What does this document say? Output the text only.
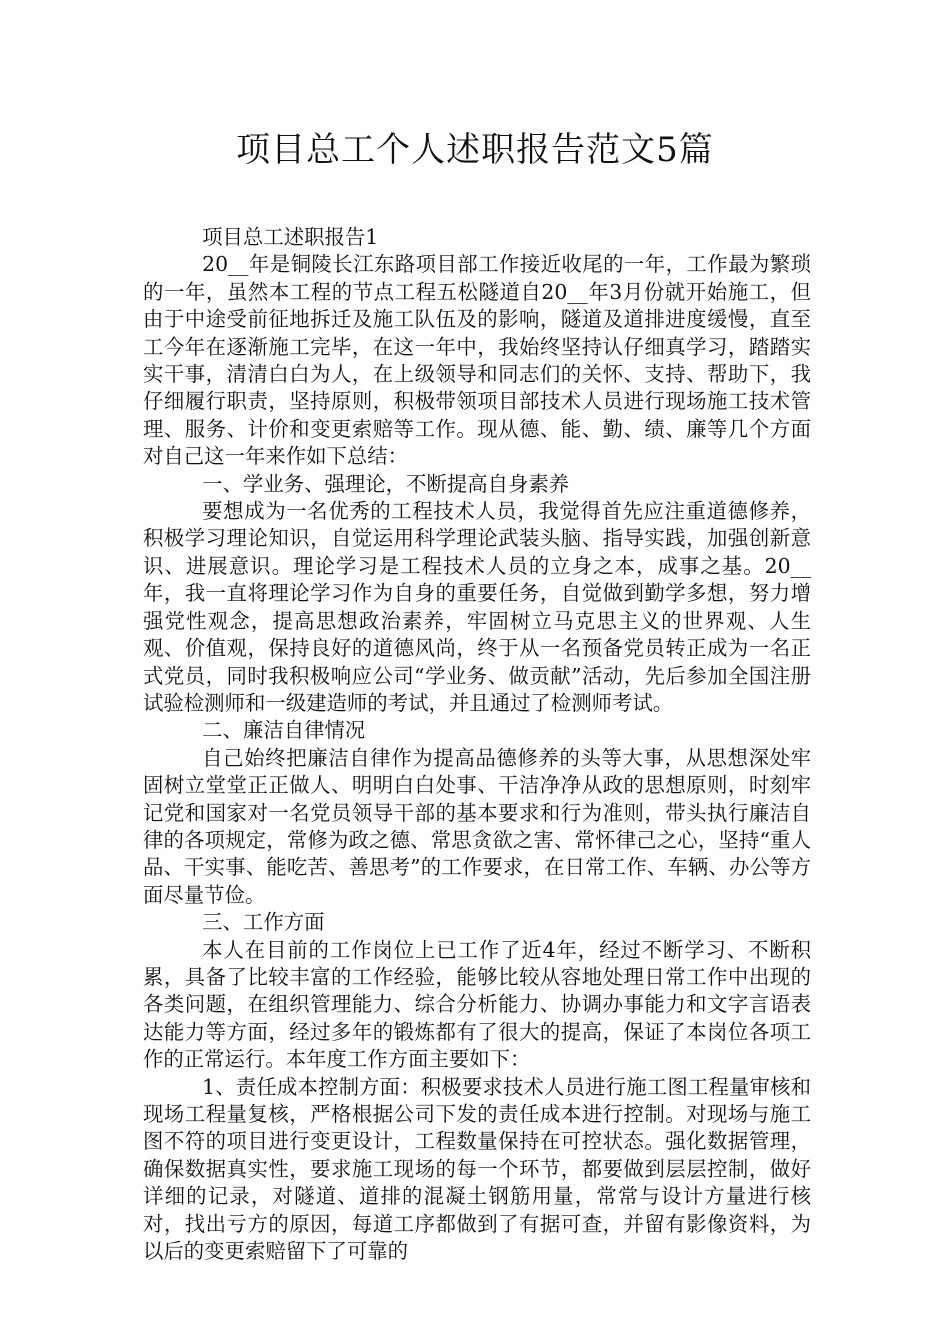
项目总工个人述职报告范文5篇

项目总工述职报告1

20__年是铜陵长江东路项目部工作接近收尾的一年，工作最为繁琐的一年，虽然本工程的节点工程五松隧道自20__年3月份就开始施工，但由于中途受前征地拆迁及施工队伍及的影响，隧道及道排进度缓慢，直至工今年在逐渐施工完毕，在这一年中，我始终坚持认仔细真学习，踏踏实实干事，清清白白为人，在上级领导和同志们的关怀、支持、帮助下，我仔细履行职责，坚持原则，积极带领项目部技术人员进行现场施工技术管理、服务、计价和变更索赔等工作。现从德、能、勤、绩、廉等几个方面对自己这一年来作如下总结：

一、学业务、强理论，不断提高自身素养

要想成为一名优秀的工程技术人员，我觉得首先应注重道德修养，积极学习理论知识，自觉运用科学理论武装头脑、指导实践，加强创新意识、进展意识。理论学习是工程技术人员的立身之本，成事之基。20__年，我一直将理论学习作为自身的重要任务，自觉做到勤学多想，努力增强党性观念，提高思想政治素养，牢固树立马克思主义的世界观、人生观、价值观，保持良好的道德风尚，终于从一名预备党员转正成为一名正式党员，同时我积极响应公司“学业务、做贡献”活动，先后参加全国注册试验检测师和一级建造师的考试，并且通过了检测师考试。

二、廉洁自律情况

自己始终把廉洁自律作为提高品德修养的头等大事，从思想深处牢固树立堂堂正正做人、明明白白处事、干洁净净从政的思想原则，时刻牢记党和国家对一名党员领导干部的基本要求和行为准则，带头执行廉洁自律的各项规定，常修为政之德、常思贪欲之害、常怀律己之心，坚持“重人品、干实事、能吃苦、善思考”的工作要求，在日常工作、车辆、办公等方面尽量节俭。

三、工作方面

本人在目前的工作岗位上已工作了近4年，经过不断学习、不断积累，具备了比较丰富的工作经验，能够比较从容地处理日常工作中出现的各类问题，在组织管理能力、综合分析能力、协调办事能力和文字言语表达能力等方面，经过多年的锻炼都有了很大的提高，保证了本岗位各项工作的正常运行。本年度工作方面主要如下：

1、责任成本控制方面：积极要求技术人员进行施工图工程量审核和现场工程量复核，严格根据公司下发的责任成本进行控制。对现场与施工图不符的项目进行变更设计，工程数量保持在可控状态。强化数据管理，确保数据真实性，要求施工现场的每一个环节，都要做到层层控制，做好详细的记录，对隧道、道排的混凝土钢筋用量，常常与设计方量进行核对，找出亏方的原因，每道工序都做到了有据可查，并留有影像资料，为以后的变更索赔留下了可靠的
